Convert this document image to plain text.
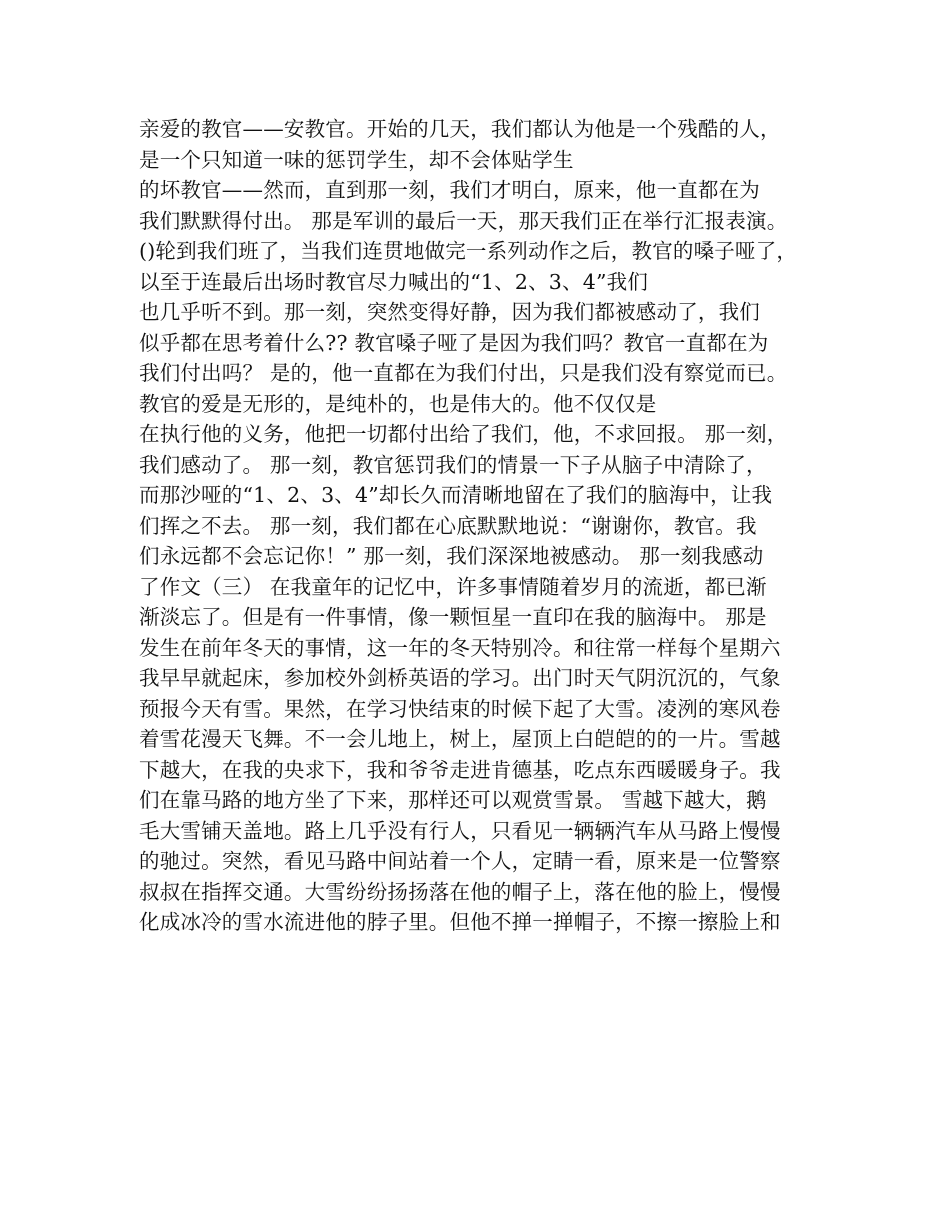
亲爱的教官——安教官。开始的几天，我们都认为他是一个残酷的人，
是一个只知道一味的惩罚学生，却不会体贴学生
的坏教官——然而，直到那一刻，我们才明白，原来，他一直都在为
我们默默得付出。 那是军训的最后一天，那天我们正在举行汇报表演。
()轮到我们班了，当我们连贯地做完一系列动作之后，教官的嗓子哑了，
以至于连最后出场时教官尽力喊出的“1、2、3、4”我们
也几乎听不到。那一刻，突然变得好静，因为我们都被感动了，我们
似乎都在思考着什么?? 教官嗓子哑了是因为我们吗？教官一直都在为
我们付出吗？ 是的，他一直都在为我们付出，只是我们没有察觉而已。
教官的爱是无形的，是纯朴的，也是伟大的。他不仅仅是
在执行他的义务，他把一切都付出给了我们，他，不求回报。 那一刻，
我们感动了。 那一刻，教官惩罚我们的情景一下子从脑子中清除了，
而那沙哑的“1、2、3、4”却长久而清晰地留在了我们的脑海中，让我
们挥之不去。 那一刻，我们都在心底默默地说：“谢谢你，教官。我
们永远都不会忘记你！” 那一刻，我们深深地被感动。 那一刻我感动
了作文（三） 在我童年的记忆中，许多事情随着岁月的流逝，都已渐
渐淡忘了。但是有一件事情，像一颗恒星一直印在我的脑海中。 那是
发生在前年冬天的事情，这一年的冬天特别冷。和往常一样每个星期六
我早早就起床，参加校外剑桥英语的学习。出门时天气阴沉沉的，气象
预报今天有雪。果然，在学习快结束的时候下起了大雪。凌洌的寒风卷
着雪花漫天飞舞。不一会儿地上，树上，屋顶上白皑皑的的一片。雪越
下越大，在我的央求下，我和爷爷走进肯德基，吃点东西暖暖身子。我
们在靠马路的地方坐了下来，那样还可以观赏雪景。 雪越下越大，鹅
毛大雪铺天盖地。路上几乎没有行人，只看见一辆辆汽车从马路上慢慢
的驰过。突然，看见马路中间站着一个人，定睛一看，原来是一位警察
叔叔在指挥交通。大雪纷纷扬扬落在他的帽子上，落在他的脸上，慢慢
化成冰冷的雪水流进他的脖子里。但他不掸一掸帽子，不擦一擦脸上和
